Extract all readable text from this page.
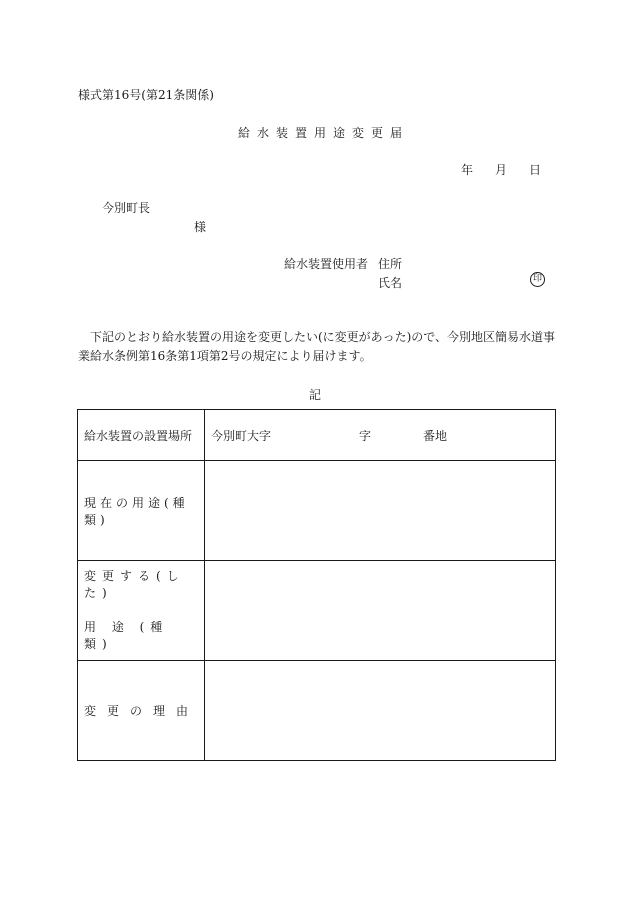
様式第16号(第21条関係)
給水装置用途変更届
年 月 日
今別町長
様
給水装置使用者 住所
氏名	印
下記のとおり給水装置の用途を変更したい(に変更があった)ので、今別地区簡易水道事業給水条例第16条第1項第2号の規定により届けます。
記
給水装置の設置場所	今別町大字 字 番地

現在の用途(種類)	

変更する(した)
用 途 (種 類)	

変更の理由	
